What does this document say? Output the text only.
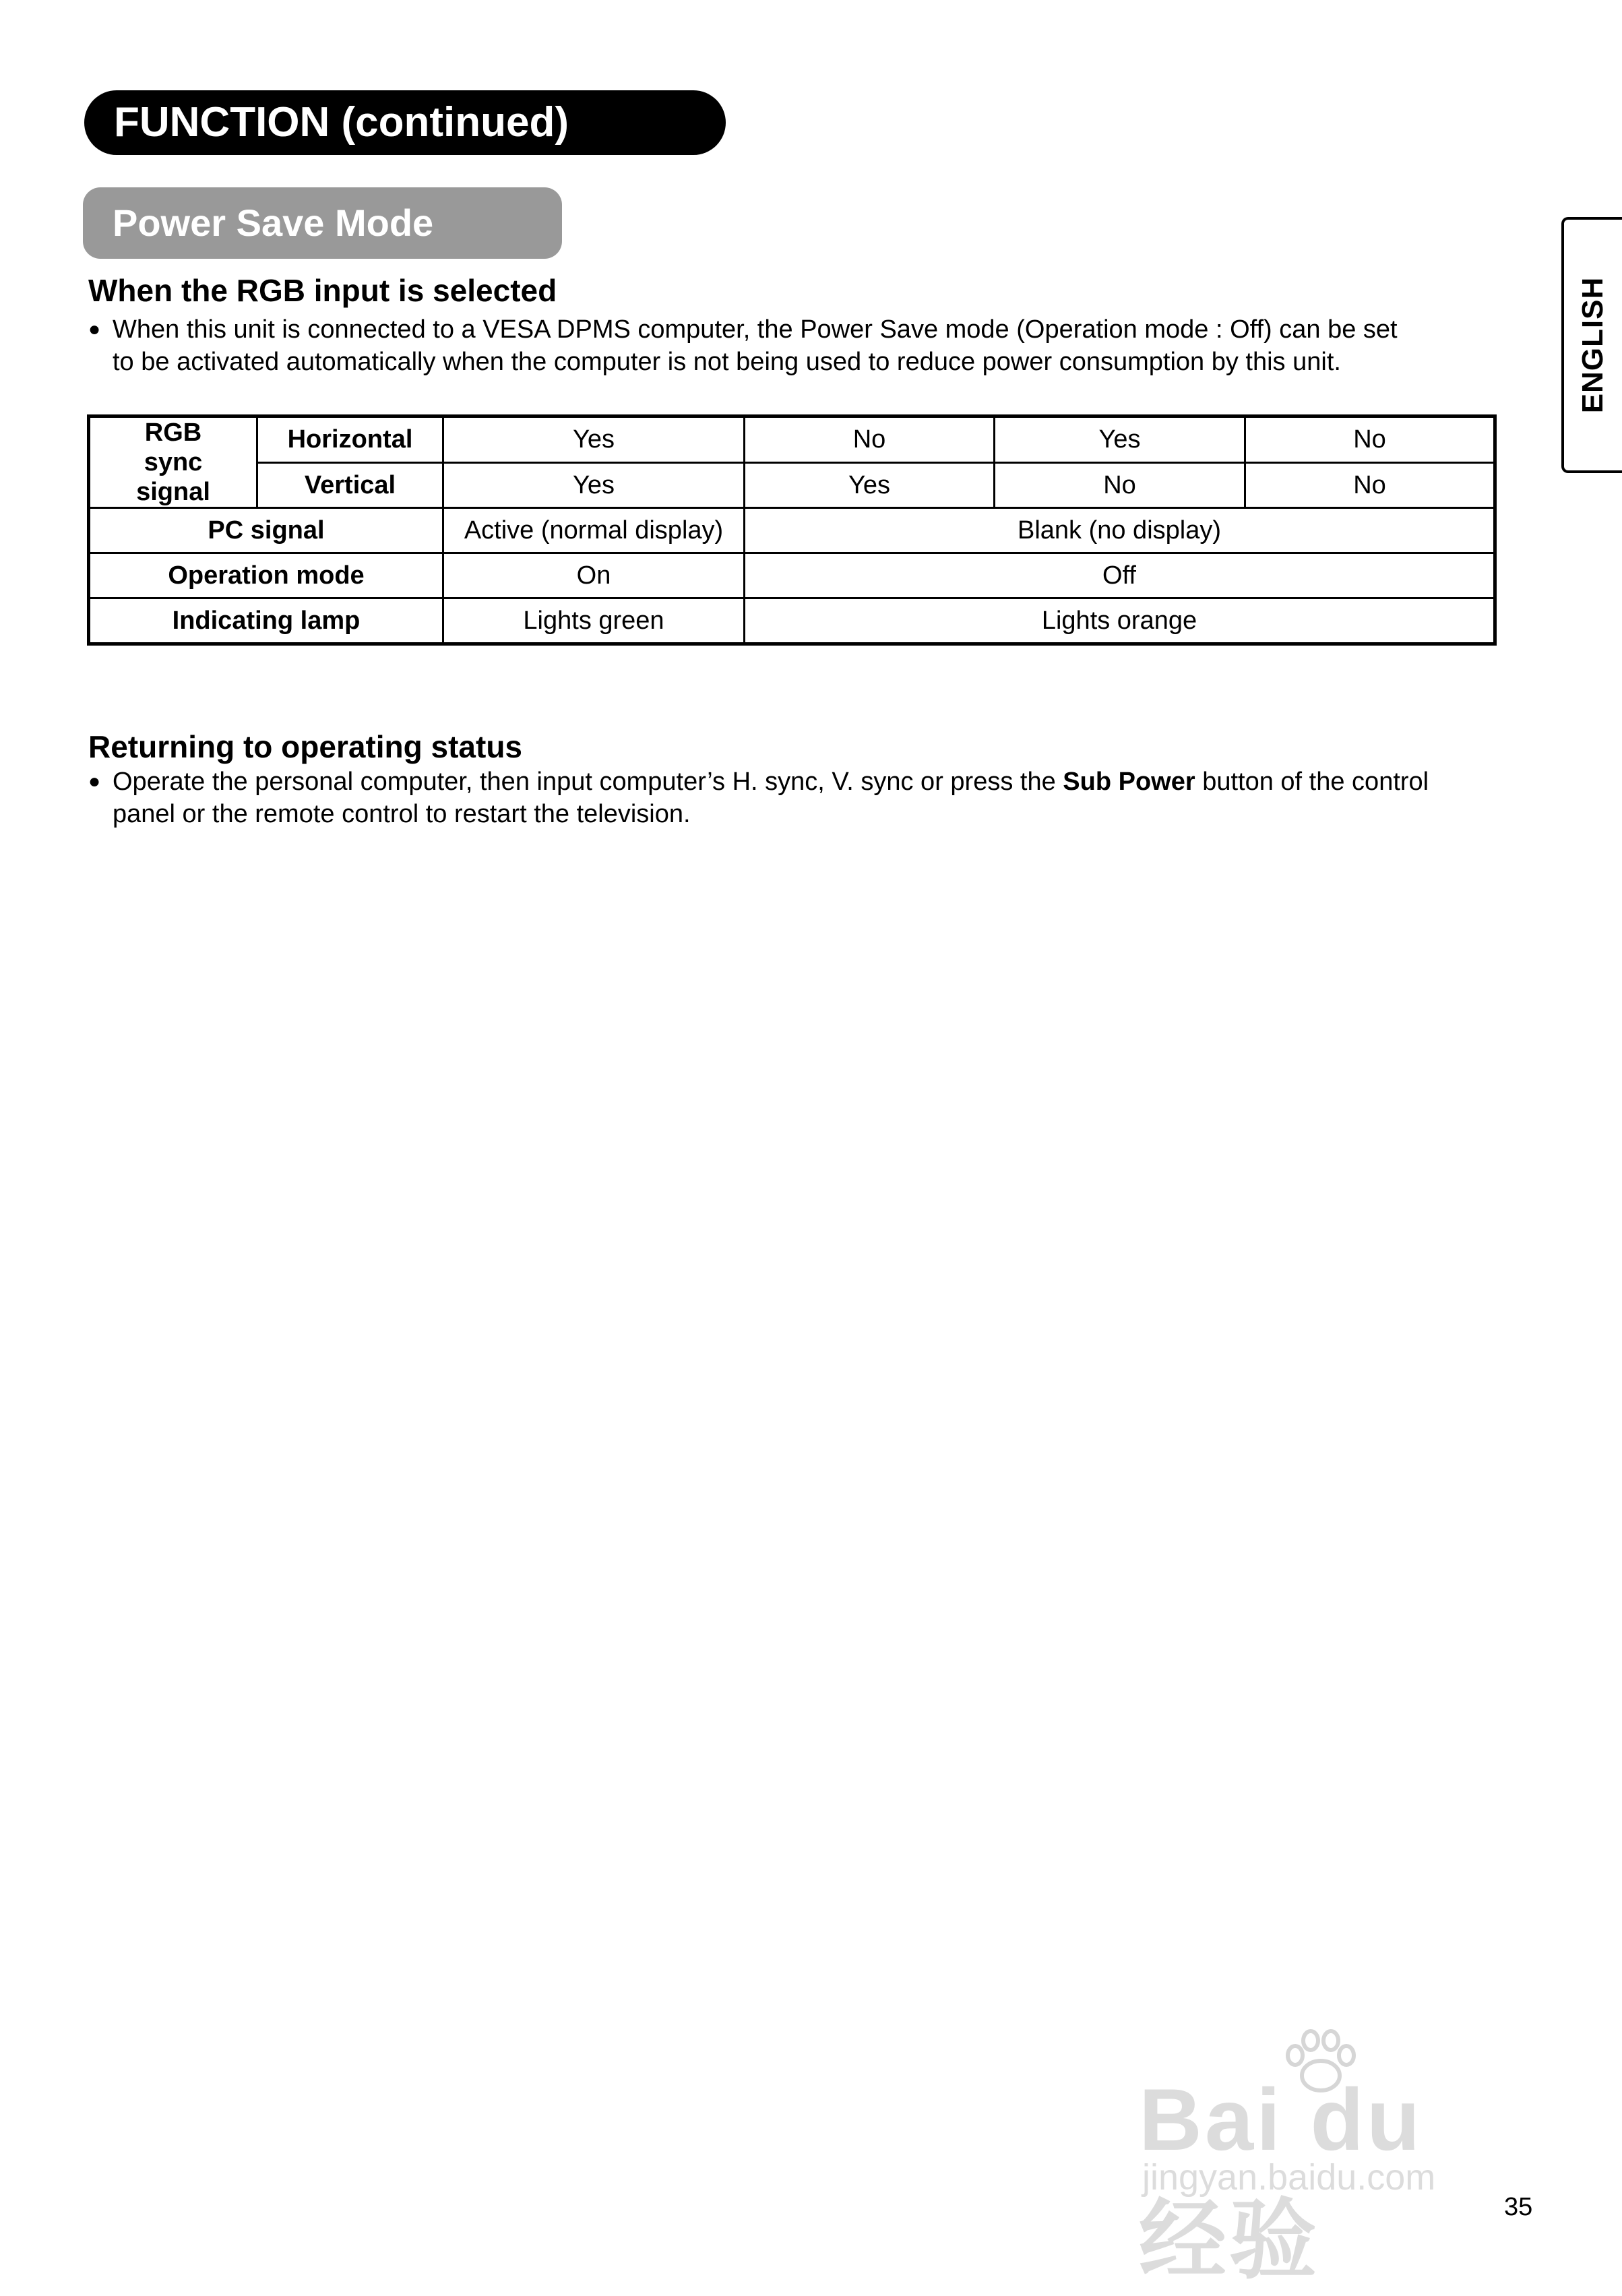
FUNCTION (continued)
Power Save Mode
ENGLISH
When the RGB input is selected
● When this unit is connected to a VESA DPMS computer, the Power Save mode (Operation mode : Off) can be set
to be activated automatically when the computer is not being used to reduce power consumption by this unit.
RGB
sync
signal	Horizontal	Yes	No	Yes	No
	Vertical	Yes	Yes	No	No
PC signal		Active (normal display)	Blank (no display)		
Operation mode		On	Off		
Indicating lamp		Lights green	Lights orange		
Returning to operating status
● Operate the personal computer, then input computer’s H. sync, V. sync or press the Sub Power button of the control
panel or the remote control to restart the television.
Bai du 经验
jingyan.baidu.com
35
